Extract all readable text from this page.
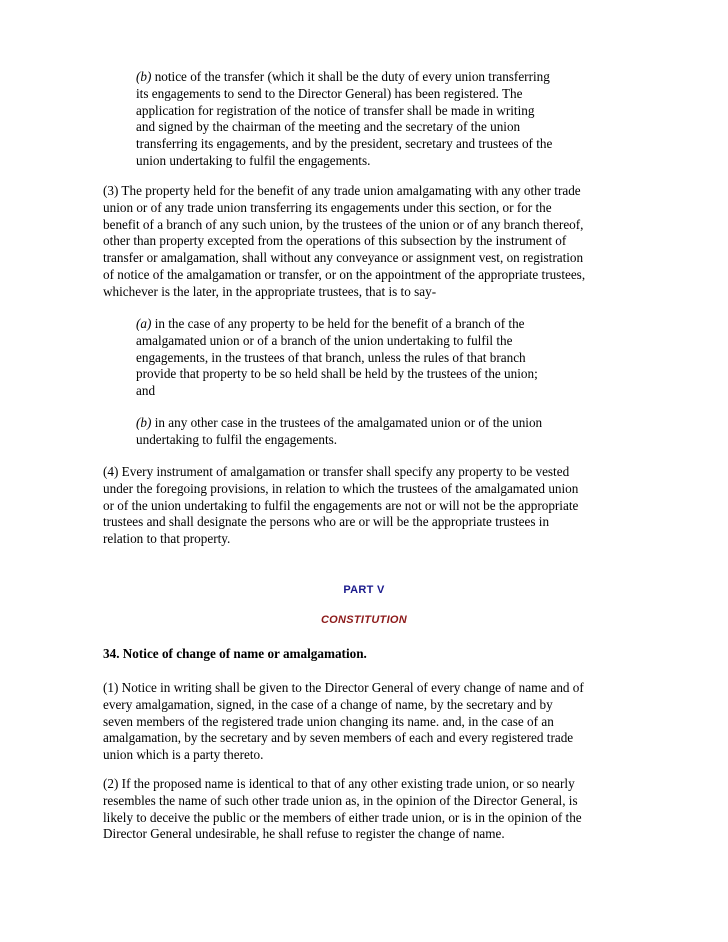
(b) notice of the transfer (which it shall be the duty of every union transferring
its engagements to send to the Director General) has been registered. The
application for registration of the notice of transfer shall be made in writing
and signed by the chairman of the meeting and the secretary of the union
transferring its engagements, and by the president, secretary and trustees of the
union undertaking to fulfil the engagements.
(3) The property held for the benefit of any trade union amalgamating with any other trade
union or of any trade union transferring its engagements under this section, or for the
benefit of a branch of any such union, by the trustees of the union or of any branch thereof,
other than property excepted from the operations of this subsection by the instrument of
transfer or amalgamation, shall without any conveyance or assignment vest, on registration
of notice of the amalgamation or transfer, or on the appointment of the appropriate trustees,
whichever is the later, in the appropriate trustees, that is to say-
(a) in the case of any property to be held for the benefit of a branch of the
amalgamated union or of a branch of the union undertaking to fulfil the
engagements, in the trustees of that branch, unless the rules of that branch
provide that property to be so held shall be held by the trustees of the union;
and
(b) in any other case in the trustees of the amalgamated union or of the union
undertaking to fulfil the engagements.
(4) Every instrument of amalgamation or transfer shall specify any property to be vested
under the foregoing provisions, in relation to which the trustees of the amalgamated union
or of the union undertaking to fulfil the engagements are not or will not be the appropriate
trustees and shall designate the persons who are or will be the appropriate trustees in
relation to that property.
PART V
CONSTITUTION
34. Notice of change of name or amalgamation.
(1) Notice in writing shall be given to the Director General of every change of name and of
every amalgamation, signed, in the case of a change of name, by the secretary and by
seven members of the registered trade union changing its name. and, in the case of an
amalgamation, by the secretary and by seven members of each and every registered trade
union which is a party thereto.
(2) If the proposed name is identical to that of any other existing trade union, or so nearly
resembles the name of such other trade union as, in the opinion of the Director General, is
likely to deceive the public or the members of either trade union, or is in the opinion of the
Director General undesirable, he shall refuse to register the change of name.
